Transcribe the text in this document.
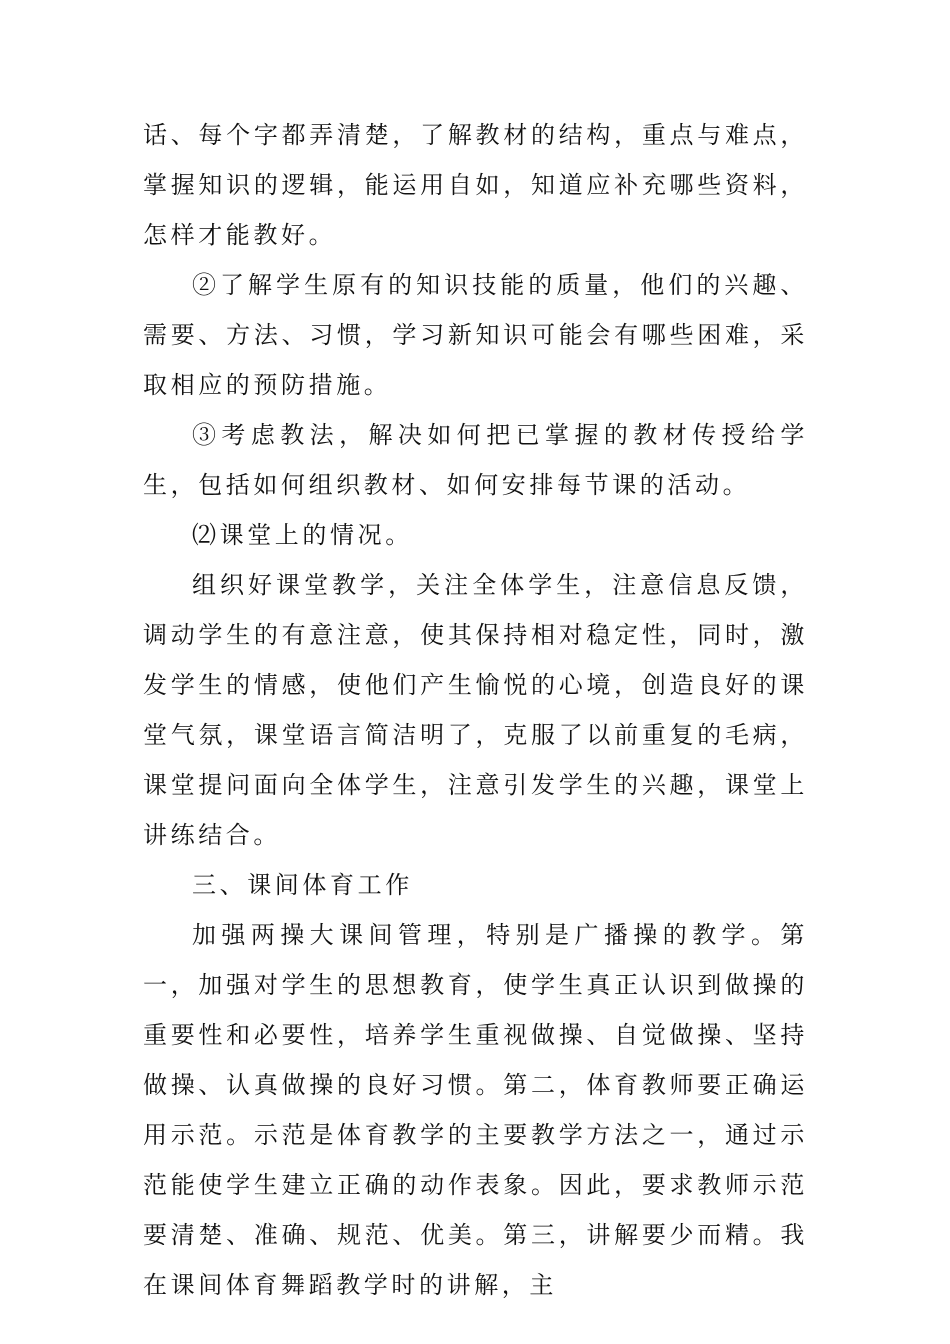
话、每个字都弄清楚，了解教材的结构，重点与难点，掌握知识的逻辑，能运用自如，知道应补充哪些资料，怎样才能教好。

②了解学生原有的知识技能的质量，他们的兴趣、需要、方法、习惯，学习新知识可能会有哪些困难，采取相应的预防措施。

③考虑教法，解决如何把已掌握的教材传授给学生，包括如何组织教材、如何安排每节课的活动。

⑵课堂上的情况。

组织好课堂教学，关注全体学生，注意信息反馈，调动学生的有意注意，使其保持相对稳定性，同时，激发学生的情感，使他们产生愉悦的心境，创造良好的课堂气氛，课堂语言简洁明了，克服了以前重复的毛病，课堂提问面向全体学生，注意引发学生的兴趣，课堂上讲练结合。

三、课间体育工作

加强两操大课间管理，特别是广播操的教学。第一，加强对学生的思想教育，使学生真正认识到做操的重要性和必要性，培养学生重视做操、自觉做操、坚持做操、认真做操的良好习惯。第二，体育教师要正确运用示范。示范是体育教学的主要教学方法之一，通过示范能使学生建立正确的动作表象。因此，要求教师示范要清楚、准确、规范、优美。第三，讲解要少而精。我在课间体育舞蹈教学时的讲解，主
